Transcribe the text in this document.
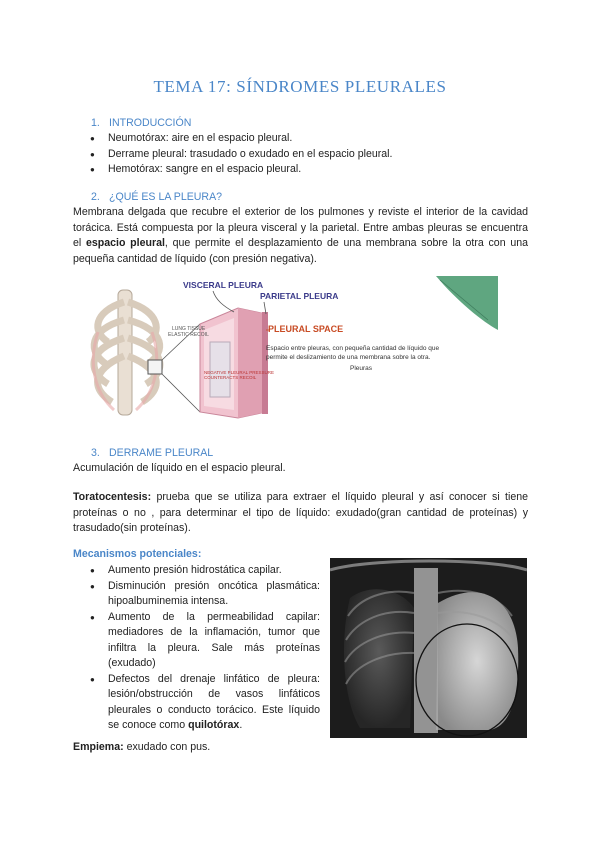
TEMA 17: SÍNDROMES PLEURALES
1. INTRODUCCIÓN
● Neumotórax: aire en el espacio pleural.
● Derrame pleural: trasudado o exudado en el espacio pleural.
● Hemotórax: sangre en el espacio pleural.
2. ¿QUÉ ES LA PLEURA?
Membrana delgada que recubre el exterior de los pulmones y reviste el interior de la cavidad torácica. Está compuesta por la pleura visceral y la parietal. Entre ambas pleuras se encuentra el espacio pleural, que permite el desplazamiento de una membrana sobre la otra con una pequeña cantidad de líquido (con presión negativa).
VISCERAL PLEURA
PARIETAL PLEURA
PLEURAL SPACE
LUNG TISSUE ELASTIC RECOIL
NEGATIVE PLEURAL PRESSURE COUNTERACTS RECOIL
Espacio entre pleuras, con pequeña cantidad de líquido que permite el deslizamiento de una membrana sobre la otra. Pleuras
3. DERRAME PLEURAL
Acumulación de líquido en el espacio pleural.
Toratocentesis: prueba que se utiliza para extraer el líquido pleural y así conocer si tiene proteínas o no , para determinar el tipo de líquido: exudado(gran cantidad de proteínas) y trasudado(sin proteínas).
Mecanismos potenciales:
● Aumento presión hidrostática capilar.
● Disminución presión oncótica plasmática: hipoalbuminemia intensa.
● Aumento de la permeabilidad capilar: mediadores de la inflamación, tumor que infiltra la pleura. Sale más proteínas (exudado)
● Defectos del drenaje linfático de pleura: lesión/obstrucción de vasos linfáticos pleurales o conducto torácico. Este líquido se conoce como quilotórax.
Empiema: exudado con pus.
